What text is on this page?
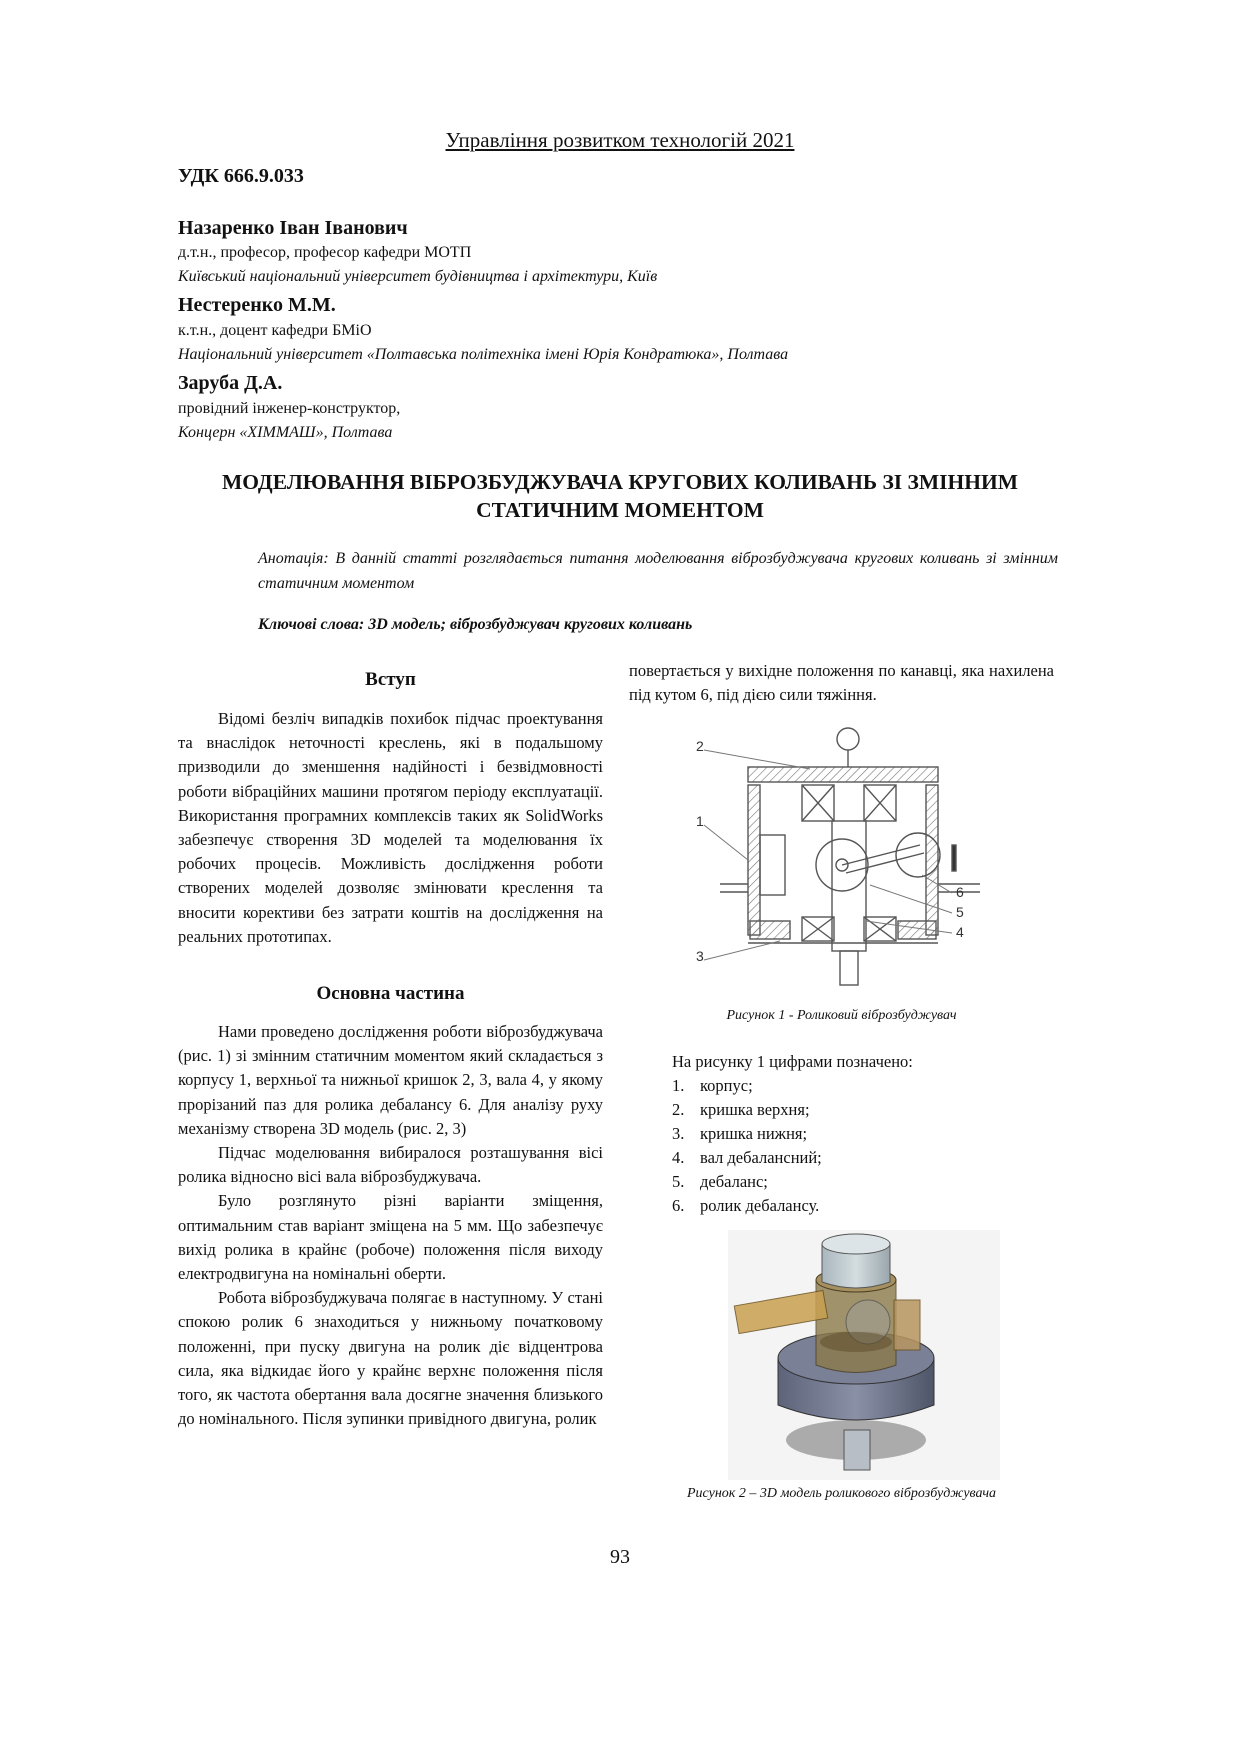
Управління розвитком технологій 2021
УДК 666.9.033
Назаренко Іван Іванович
д.т.н., професор, професор кафедри МОТП
Київський національний університет будівництва і архітектури, Київ
Нестеренко М.М.
к.т.н., доцент кафедри БМіО
Національний університет «Полтавська політехніка імені Юрія Кондратюка», Полтава
Заруба Д.А.
провідний інженер-конструктор,
Концерн «ХІММАШ», Полтава
МОДЕЛЮВАННЯ ВІБРОЗБУДЖУВАЧА КРУГОВИХ КОЛИВАНЬ ЗІ ЗМІННИМ
СТАТИЧНИМ МОМЕНТОМ
Анотація: В данній статті розглядається питання моделювання віброзбуджувача кругових коливань зі змінним статичним моментом
Ключові слова: 3D модель; віброзбуджувач кругових коливань
Вступ

Відомі безліч випадків похибок підчас проектування та внаслідок неточності креслень, які в подальшому призводили до зменшення надійності і безвідмовності роботи вібраційних машини протягом періоду експлуатації. Використання програмних комплексів таких як SolidWorks забезпечує створення 3D моделей та моделювання їх робочих процесів. Можливість дослідження роботи створених моделей дозволяє змінювати креслення та вносити корективи без затрати коштів на дослідження на реальних прототипах.

Основна частина

Нами проведено дослідження роботи віброзбуджувача (рис. 1) зі змінним статичним моментом який складається з корпусу 1, верхньої та нижньої кришок 2, 3, вала 4, у якому прорізаний паз для ролика дебалансу 6. Для аналізу руху механізму створена 3D модель (рис. 2, 3)

Підчас моделювання вибиралося розташування вісі ролика відносно вісі вала віброзбуджувача.

Було розглянуто різні варіанти зміщення, оптимальним став варіант зміщена на 5 мм. Що забезпечує вихід ролика в крайнє (робоче) положення після виходу електродвигуна на номінальні оберти.

Робота віброзбуджувача полягає в наступному. У стані спокою ролик 6 знаходиться у нижньому початковому положенні, при пуску двигуна на ролик діє відцентрова сила, яка відкидає його у крайнє верхнє положення після того, як частота обертання вала досягне значення близького до номінального. Після зупинки привідного двигуна, ролик

повертається у вихідне положення по канавці, яка нахилена під кутом 6, під дією сили тяжіння.

2
1
3
6
5
4
Рисунок 1 - Роликовий віброзбуджувач
На рисунку 1 цифрами позначено:
1. корпус;
2. кришка верхня;
3. кришка нижня;
4. вал дебалансний;
5. дебаланс;
6. ролик дебалансу.
Рисунок 2 – 3D модель роликового віброзбуджувача
93
